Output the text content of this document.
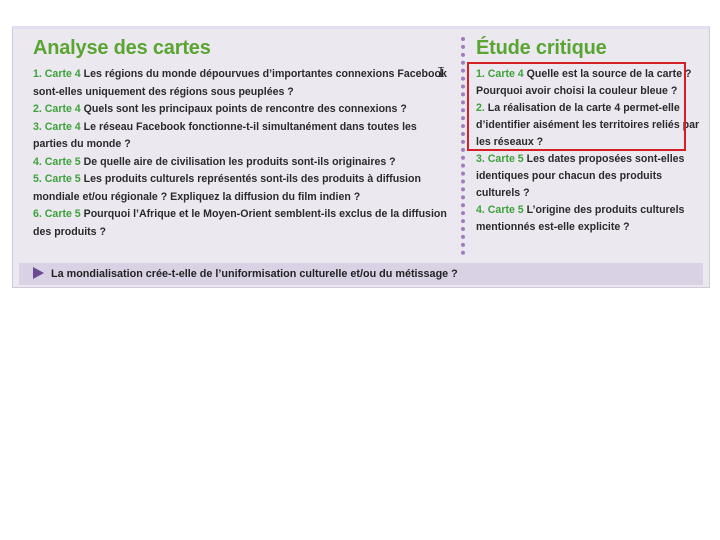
Analyse des cartes

1. Carte 4 Les régions du monde dépourvues d’importantes connexions Facebook sont-elles uniquement des régions sous peuplées ?

2. Carte 4 Quels sont les principaux points de rencontre des connexions ?

3. Carte 4 Le réseau Facebook fonctionne-t-il simultanément dans toutes les parties du monde ?

4. Carte 5 De quelle aire de civilisation les produits sont-ils originaires ?

5. Carte 5 Les produits culturels représentés sont-ils des produits à diffusion mondiale et/ou régionale ? Expliquez la diffusion du film indien ?

6. Carte 5 Pourquoi l’Afrique et le Moyen-Orient semblent-ils exclus de la diffusion des produits ?

Étude critique

1. Carte 4 Quelle est la source de la carte ? Pourquoi avoir choisi la couleur bleue ?

2. La réalisation de la carte 4 permet-elle d’identifier aisément les territoires reliés par les réseaux ?

3. Carte 5 Les dates proposées sont-elles identiques pour chacun des produits culturels ?

4. Carte 5 L’origine des produits culturels mentionnés est-elle explicite ?

La mondialisation crée-t-elle de l’uniformisation culturelle et/ou du métissage ?
